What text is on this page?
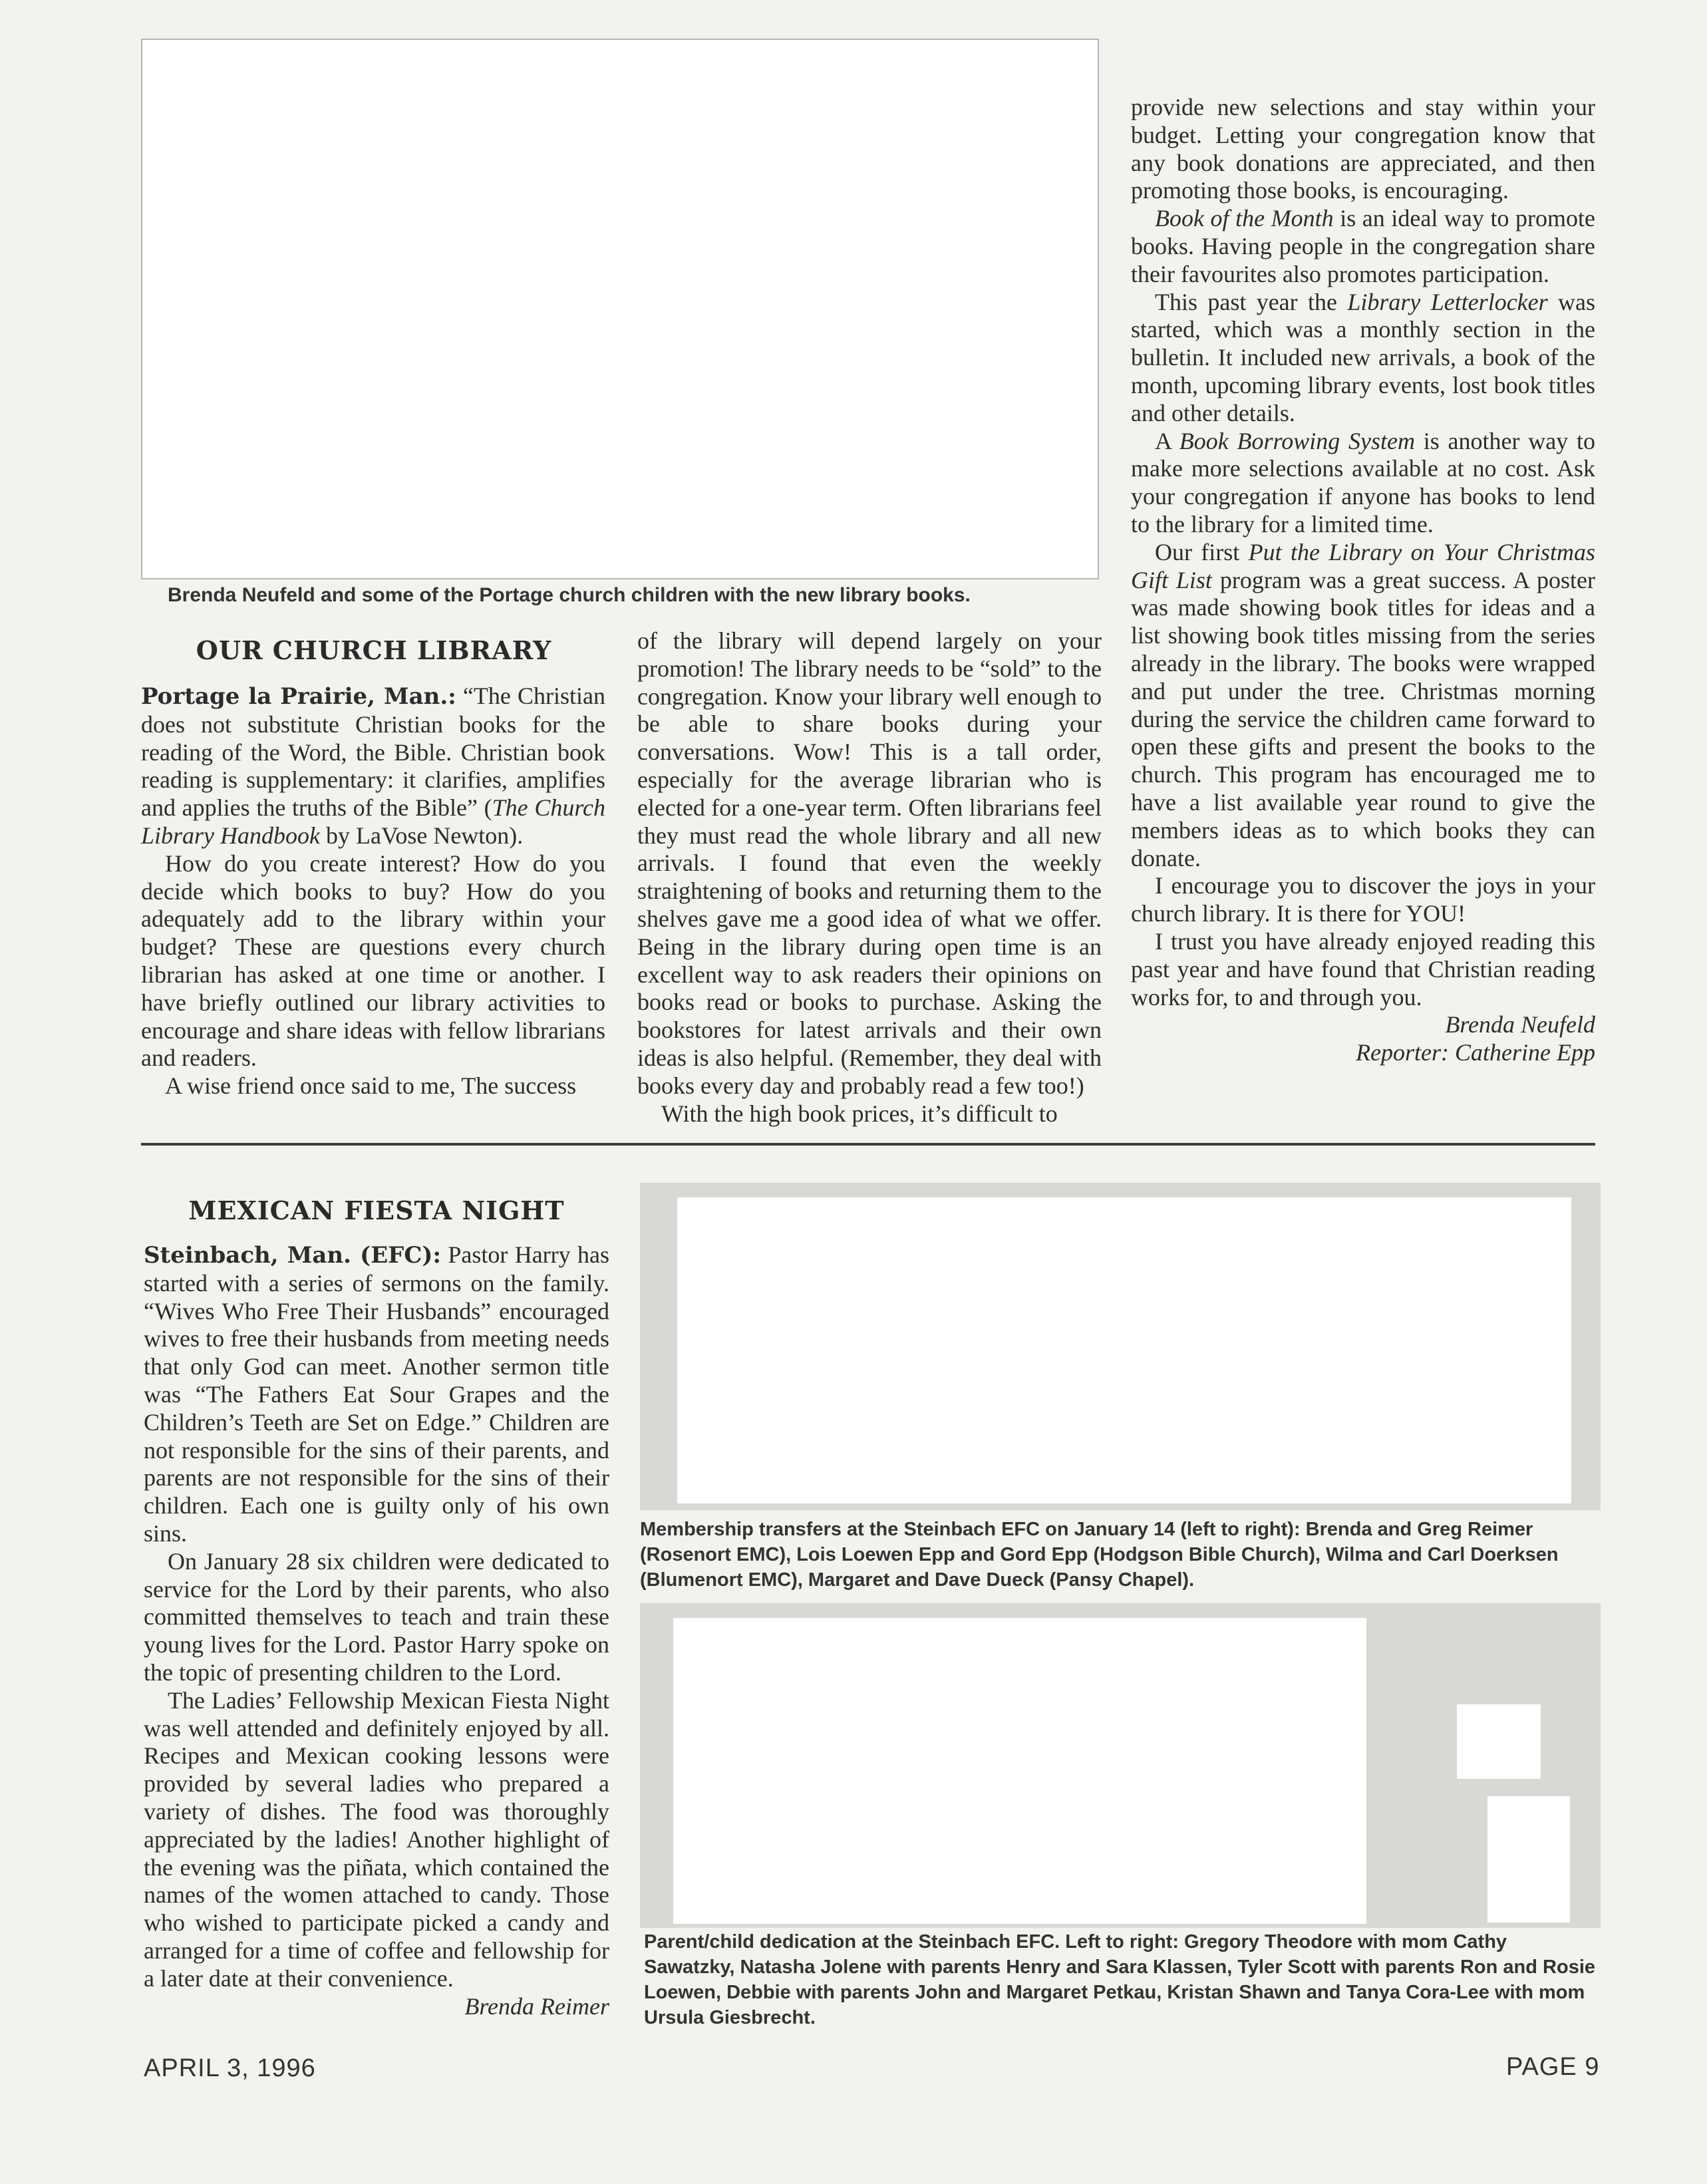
Brenda Neufeld and some of the Portage church children with the new library books.
OUR CHURCH LIBRARY

Portage la Prairie, Man.: “The Christian does not substitute Christian books for the reading of the Word, the Bible. Christian book reading is supplementary: it clarifies, amplifies and applies the truths of the Bible” (The Church Library Handbook by LaVose Newton).

How do you create interest? How do you decide which books to buy? How do you adequately add to the library within your budget? These are questions every church librarian has asked at one time or another. I have briefly outlined our library activities to encourage and share ideas with fellow librarians and readers.

A wise friend once said to me, The success

of the library will depend largely on your promotion! The library needs to be “sold” to the congregation. Know your library well enough to be able to share books during your conversations. Wow! This is a tall order, especially for the average librarian who is elected for a one-year term. Often librarians feel they must read the whole library and all new arrivals. I found that even the weekly straightening of books and returning them to the shelves gave me a good idea of what we offer. Being in the library during open time is an excellent way to ask readers their opinions on books read or books to purchase. Asking the bookstores for latest arrivals and their own ideas is also helpful. (Remember, they deal with books every day and probably read a few too!)

With the high book prices, it’s difficult to

provide new selections and stay within your budget. Letting your congregation know that any book donations are appreciated, and then promoting those books, is encouraging.

Book of the Month is an ideal way to promote books. Having people in the congregation share their favourites also promotes participation.

This past year the Library Letterlocker was started, which was a monthly section in the bulletin. It included new arrivals, a book of the month, upcoming library events, lost book titles and other details.

A Book Borrowing System is another way to make more selections available at no cost. Ask your congregation if anyone has books to lend to the library for a limited time.

Our first Put the Library on Your Christmas Gift List program was a great success. A poster was made showing book titles for ideas and a list showing book titles missing from the series already in the library. The books were wrapped and put under the tree. Christmas morning during the service the children came forward to open these gifts and present the books to the church. This program has encouraged me to have a list available year round to give the members ideas as to which books they can donate.

I encourage you to discover the joys in your church library. It is there for YOU!

I trust you have already enjoyed reading this past year and have found that Christian reading works for, to and through you.

Brenda Neufeld

Reporter: Catherine Epp

MEXICAN FIESTA NIGHT

Steinbach, Man. (EFC): Pastor Harry has started with a series of sermons on the family. “Wives Who Free Their Husbands” encouraged wives to free their husbands from meeting needs that only God can meet. Another sermon title was “The Fathers Eat Sour Grapes and the Children’s Teeth are Set on Edge.” Children are not responsible for the sins of their parents, and parents are not responsible for the sins of their children. Each one is guilty only of his own sins.

On January 28 six children were dedicated to service for the Lord by their parents, who also committed themselves to teach and train these young lives for the Lord. Pastor Harry spoke on the topic of presenting children to the Lord.

The Ladies’ Fellowship Mexican Fiesta Night was well attended and definitely enjoyed by all. Recipes and Mexican cooking lessons were provided by several ladies who prepared a variety of dishes. The food was thoroughly appreciated by the ladies! Another highlight of the evening was the piñata, which contained the names of the women attached to candy. Those who wished to participate picked a candy and arranged for a time of coffee and fellowship for a later date at their convenience.

Brenda Reimer

Membership transfers at the Steinbach EFC on January 14 (left to right): Brenda and Greg Reimer (Rosenort EMC), Lois Loewen Epp and Gord Epp (Hodgson Bible Church), Wilma and Carl Doerksen (Blumenort EMC), Margaret and Dave Dueck (Pansy Chapel).
Parent/child dedication at the Steinbach EFC. Left to right: Gregory Theodore with mom Cathy Sawatzky, Natasha Jolene with parents Henry and Sara Klassen, Tyler Scott with parents Ron and Rosie Loewen, Debbie with parents John and Margaret Petkau, Kristan Shawn and Tanya Cora-Lee with mom Ursula Giesbrecht.
APRIL 3, 1996	PAGE 9
